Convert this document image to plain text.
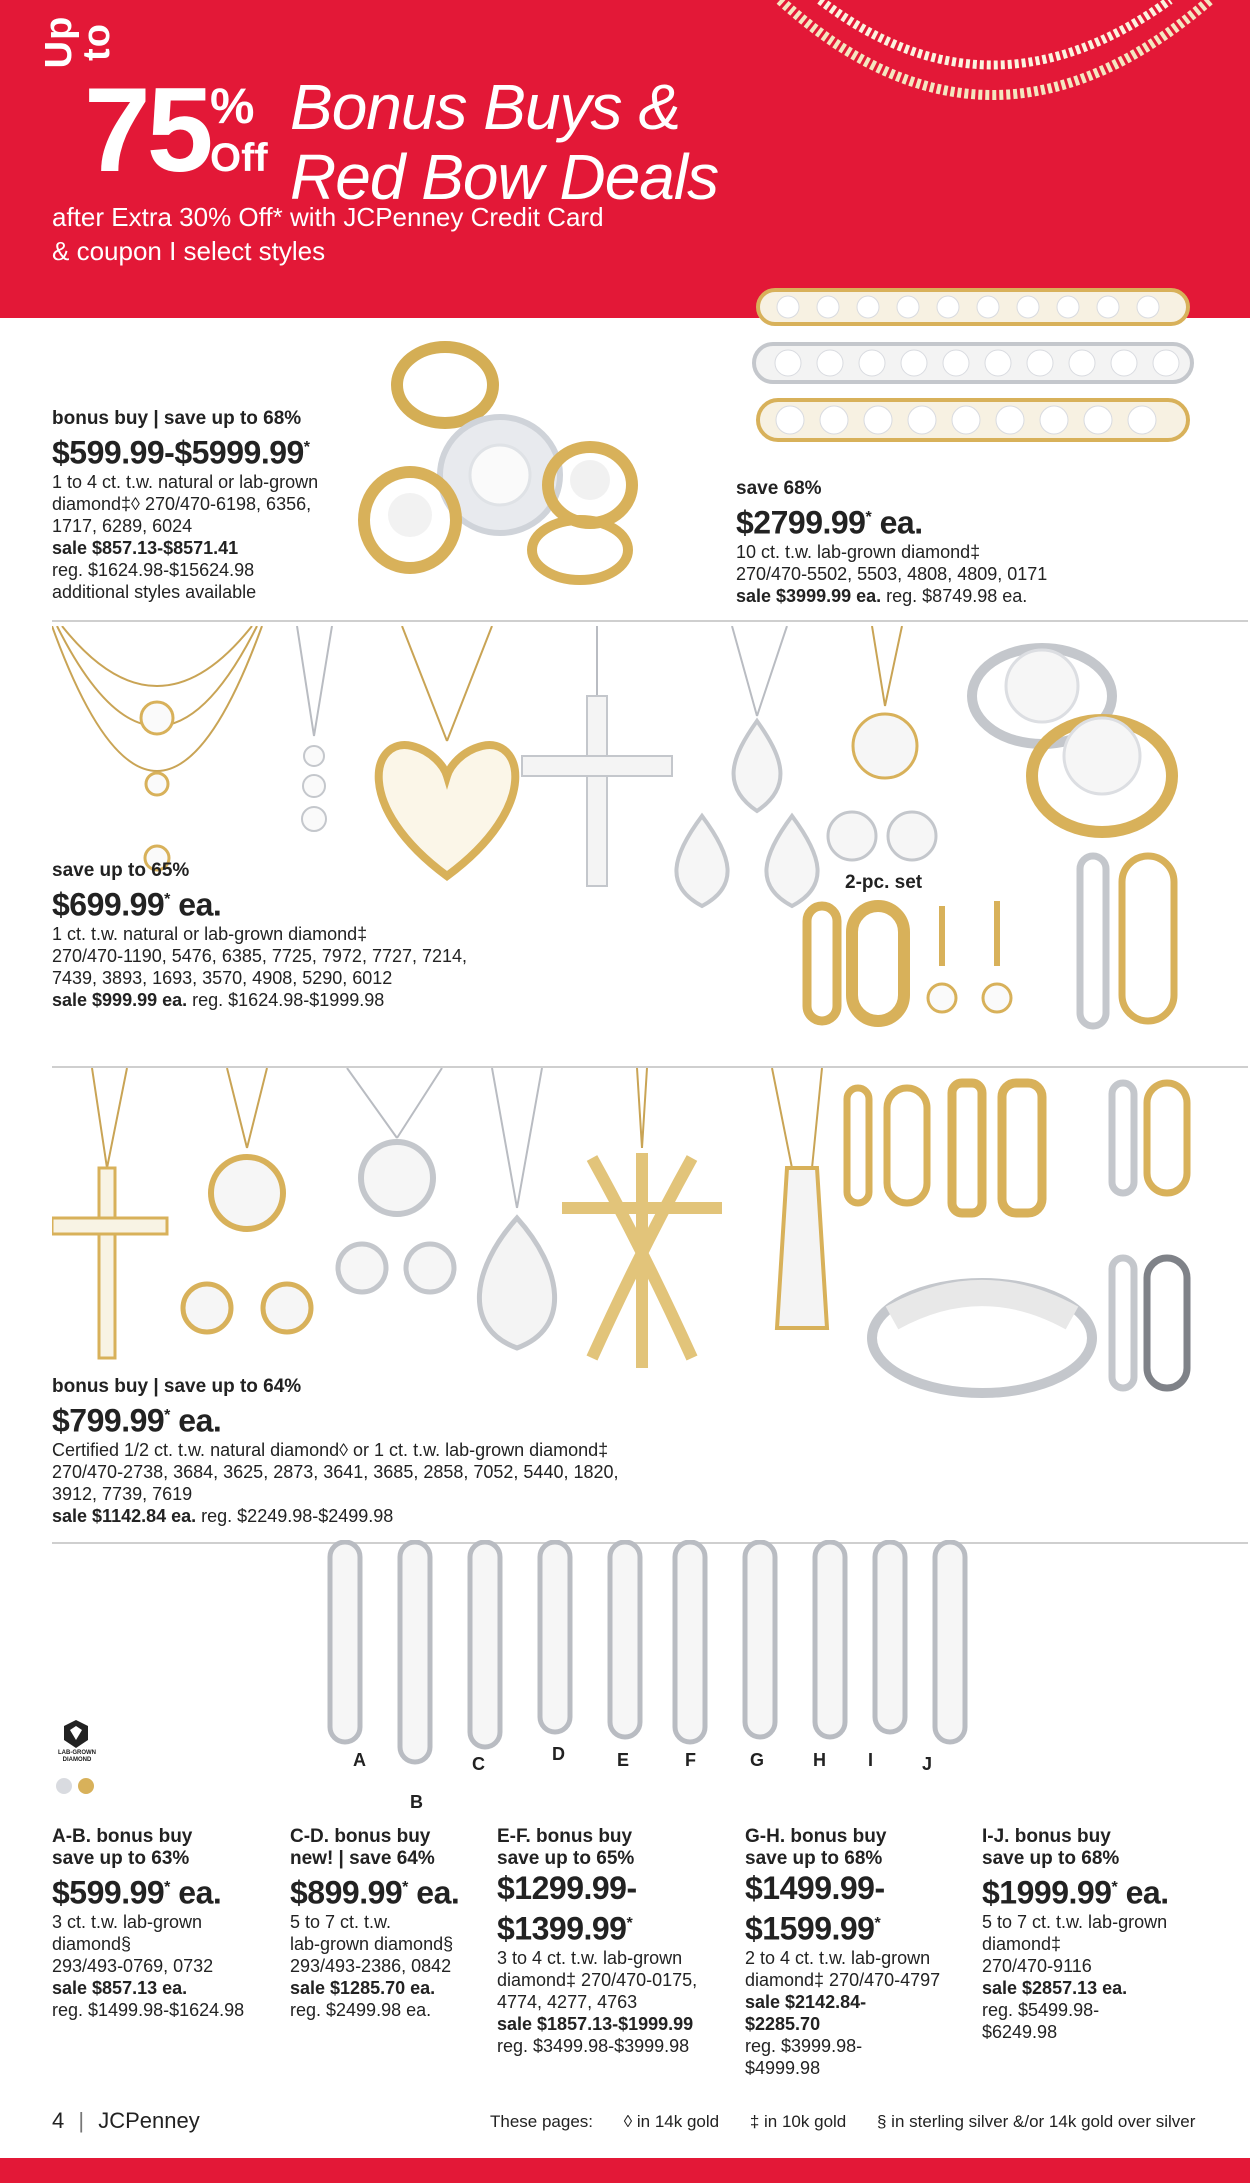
Up to
75 %
Off
Bonus Buys &
Red Bow Deals
after Extra 30% Off* with JCPenney Credit Card
& coupon I select styles
bonus buy | save up to 68%
$599.99-$5999.99*
1 to 4 ct. t.w. natural or lab-grown
diamond‡◊ 270/470-6198, 6356,
1717, 6289, 6024
sale $857.13-$8571.41
reg. $1624.98-$15624.98
additional styles available
save 68%
$2799.99* ea.
10 ct. t.w. lab-grown diamond‡
270/470-5502, 5503, 4808, 4809, 0171
sale $3999.99 ea. reg. $8749.98 ea.
save up to 65%
$699.99* ea.
1 ct. t.w. natural or lab-grown diamond‡
270/470-1190, 5476, 6385, 7725, 7972, 7727, 7214,
7439, 3893, 1693, 3570, 4908, 5290, 6012
sale $999.99 ea. reg. $1624.98-$1999.98
2-pc. set
bonus buy | save up to 64%
$799.99* ea.
Certified 1/2 ct. t.w. natural diamond◊ or 1 ct. t.w. lab-grown diamond‡
270/470-2738, 3684, 3625, 2873, 3641, 3685, 2858, 7052, 5440, 1820,
3912, 7739, 7619
sale $1142.84 ea. reg. $2249.98-$2499.98
A
B
C	D	E	F	G	H I	J
LAB-GROWN DIAMOND
A-B. bonus buy
save up to 63%
$599.99* ea.
3 ct. t.w. lab-grown
diamond§
293/493-0769, 0732
sale $857.13 ea.
reg. $1499.98-$1624.98
C-D. bonus buy
new! | save 64%
$899.99* ea.
5 to 7 ct. t.w.
lab-grown diamond§
293/493-2386, 0842
sale $1285.70 ea.
reg. $2499.98 ea.
E-F. bonus buy
save up to 65%
$1299.99-
$1399.99*
3 to 4 ct. t.w. lab-grown
diamond‡ 270/470-0175,
4774, 4277, 4763
sale $1857.13-$1999.99
reg. $3499.98-$3999.98
G-H. bonus buy
save up to 68%
$1499.99-
$1599.99*
2 to 4 ct. t.w. lab-grown
diamond‡ 270/470-4797
sale $2142.84-
$2285.70
reg. $3999.98-
$4999.98
I-J. bonus buy
save up to 68%
$1999.99* ea.
5 to 7 ct. t.w. lab-grown
diamond‡
270/470-9116
sale $2857.13 ea.
reg. $5499.98-
$6249.98
4 | JCPenney	These pages: ◊ in 14k gold ‡ in 10k gold § in sterling silver &/or 14k gold over silver
